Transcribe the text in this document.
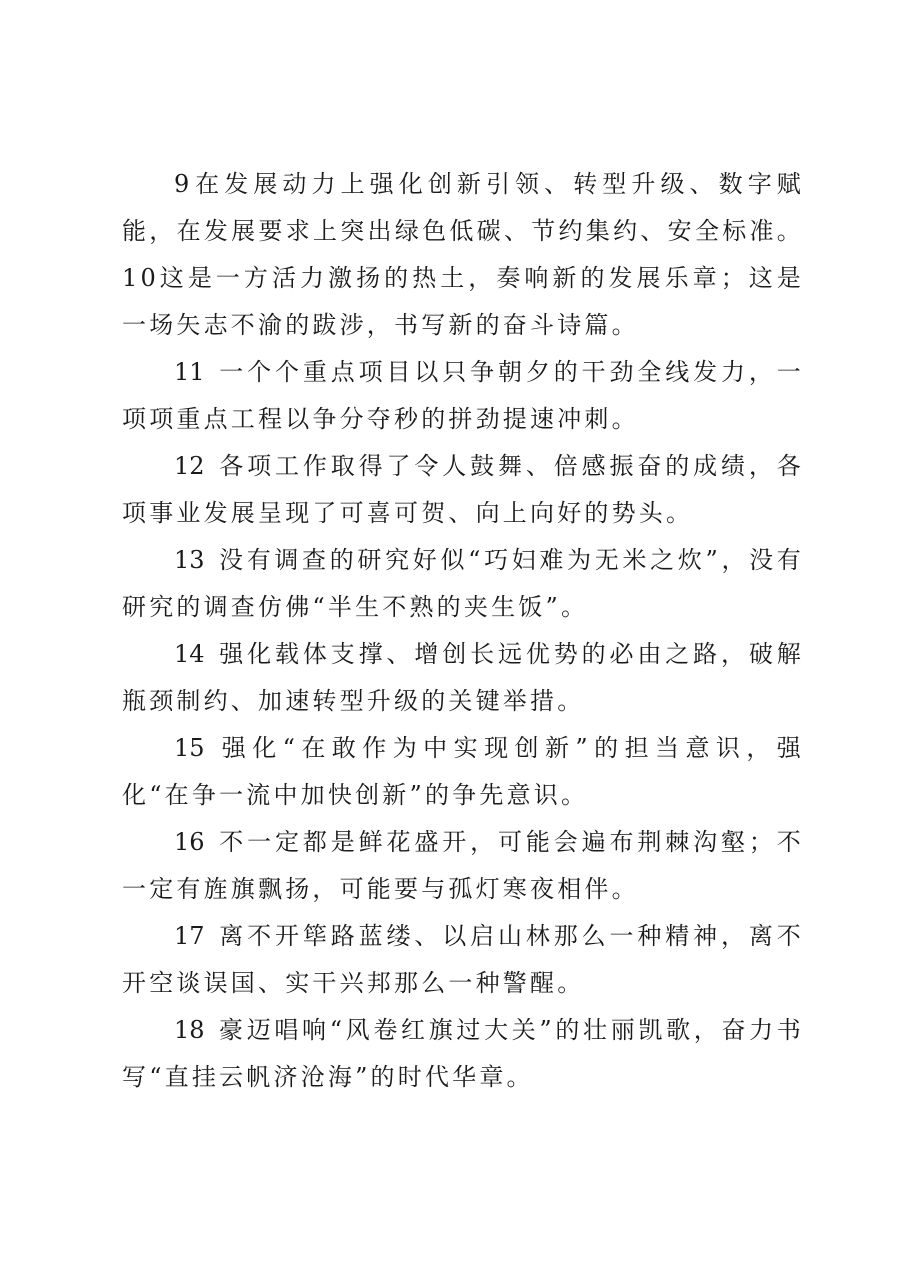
9 在发展动力上强化创新引领、转型升级、数字赋能，在发展要求上突出绿色低碳、节约集约、安全标准。10这是一方活力激扬的热土，奏响新的发展乐章；这是一场矢志不渝的跋涉，书写新的奋斗诗篇。

11 一个个重点项目以只争朝夕的干劲全线发力，一项项重点工程以争分夺秒的拼劲提速冲刺。

12 各项工作取得了令人鼓舞、倍感振奋的成绩，各项事业发展呈现了可喜可贺、向上向好的势头。

13 没有调查的研究好似“巧妇难为无米之炊”，没有研究的调查仿佛“半生不熟的夹生饭”。

14 强化载体支撑、增创长远优势的必由之路，破解瓶颈制约、加速转型升级的关键举措。

15 强化“在敢作为中实现创新”的担当意识，强化“在争一流中加快创新”的争先意识。

16 不一定都是鲜花盛开，可能会遍布荆棘沟壑；不一定有旌旗飘扬，可能要与孤灯寒夜相伴。

17 离不开筚路蓝缕、以启山林那么一种精神，离不开空谈误国、实干兴邦那么一种警醒。

18 豪迈唱响“风卷红旗过大关”的壮丽凯歌，奋力书写“直挂云帆济沧海”的时代华章。
